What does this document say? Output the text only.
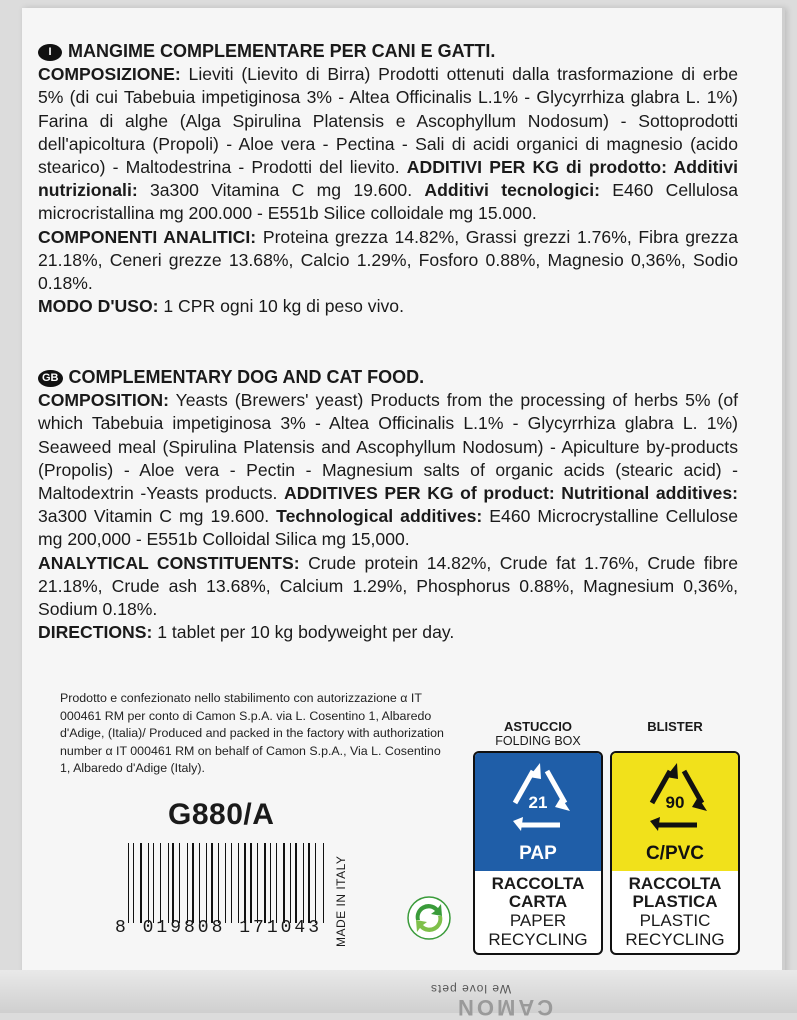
I MANGIME COMPLEMENTARE PER CANI E GATTI.

COMPOSIZIONE: Lieviti (Lievito di Birra) Prodotti ottenuti dalla trasformazione di erbe 5% (di cui Tabebuia impetiginosa 3% - Altea Officinalis L.1% - Glycyrrhiza glabra L. 1%) Farina di alghe (Alga Spirulina Platensis e Ascophyllum Nodosum) - Sottoprodotti dell'apicoltura (Propoli) - Aloe vera - Pectina - Sali di acidi organici di magnesio (acido stearico) - Maltodestrina - Prodotti del lievito. ADDITIVI PER KG di prodotto: Additivi nutrizionali: 3a300 Vitamina C mg 19.600. Additivi tecnologici: E460 Cellulosa microcristallina mg 200.000 - E551b Silice colloidale mg 15.000.

COMPONENTI ANALITICI: Proteina grezza 14.82%, Grassi grezzi 1.76%, Fibra grezza 21.18%, Ceneri grezze 13.68%, Calcio 1.29%, Fosforo 0.88%, Magnesio 0,36%, Sodio 0.18%.

MODO D'USO: 1 CPR ogni 10 kg di peso vivo.

GB COMPLEMENTARY DOG AND CAT FOOD.

COMPOSITION: Yeasts (Brewers' yeast) Products from the processing of herbs 5% (of which Tabebuia impetiginosa 3% - Altea Officinalis L.1% - Glycyrrhiza glabra L. 1%) Seaweed meal (Spirulina Platensis and Ascophyllum Nodosum) - Apiculture by-products (Propolis) - Aloe vera - Pectin - Magnesium salts of organic acids (stearic acid) - Maltodextrin -Yeasts products. ADDITIVES PER KG of product: Nutritional additives: 3a300 Vitamin C mg 19.600. Technological additives: E460 Microcrystalline Cellulose mg 200,000 - E551b Colloidal Silica mg 15,000.

ANALYTICAL CONSTITUENTS: Crude protein 14.82%, Crude fat 1.76%, Crude fibre 21.18%, Crude ash 13.68%, Calcium 1.29%, Phosphorus 0.88%, Magnesium 0,36%, Sodium 0.18%.

DIRECTIONS: 1 tablet per 10 kg bodyweight per day.

Prodotto e confezionato nello stabilimento con autorizzazione α IT 000461 RM per conto di Camon S.p.A. via L. Cosentino 1, Albaredo d'Adige, (Italia)/ Produced and packed in the factory with authorization number α IT 000461 RM on behalf of Camon S.p.A., Via L. Cosentino 1, Albaredo d'Adige (Italy).
G880/A
8 019808 171043 MADE IN ITALY
ASTUCCIO
FOLDING BOX
21
PAP
RACCOLTA CARTA
PAPER RECYCLING
BLISTER

90
C/PVC
RACCOLTA PLASTICA
PLASTIC RECYCLING
We love pets
CAMON
